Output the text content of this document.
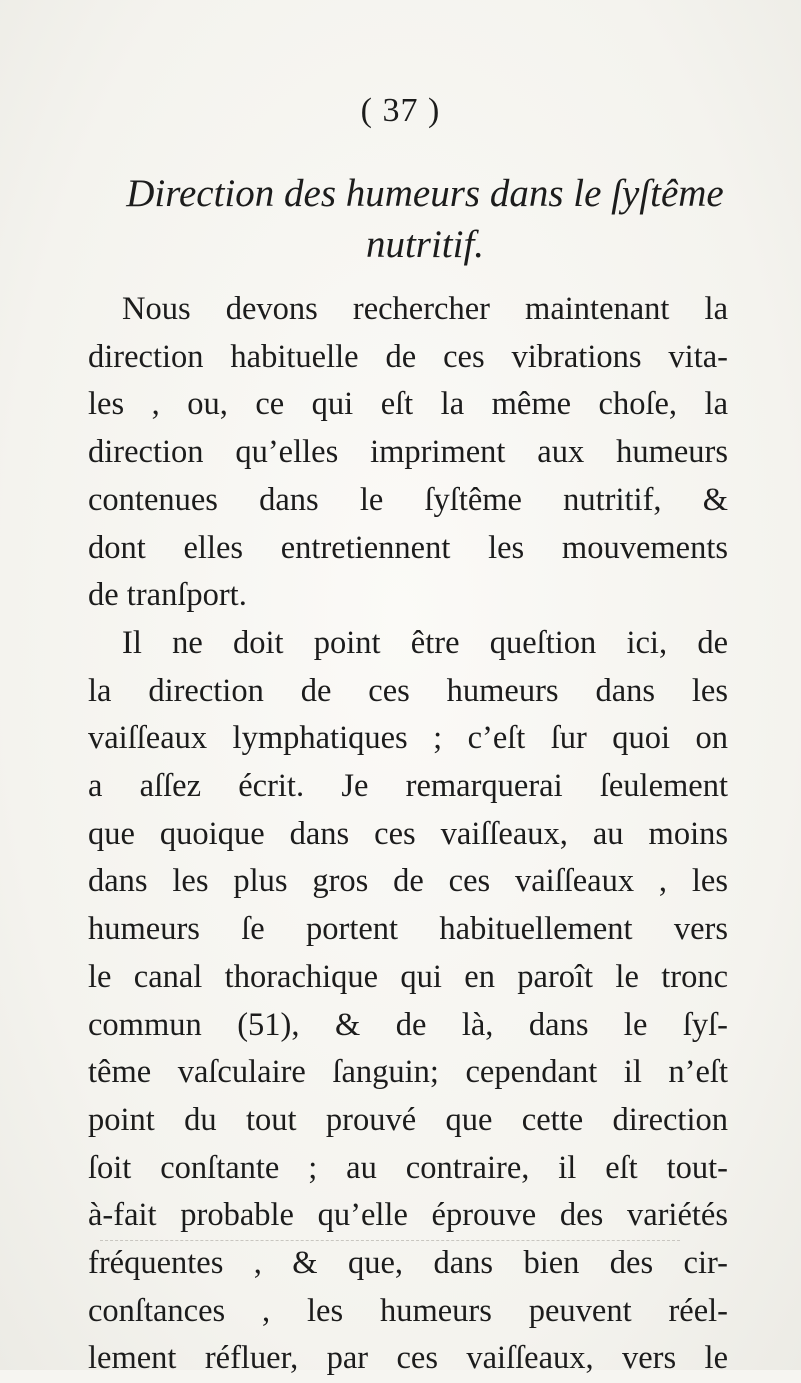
( 37 )
Direction des humeurs dans le ſyſtême
nutritif.
Nous devons rechercher maintenant la
direction habituelle de ces vibrations vita-
les , ou, ce qui eſt la même choſe, la
direction qu’elles impriment aux humeurs
contenues dans le ſyſtême nutritif, &
dont elles entretiennent les mouvements
de tranſport.
Il ne doit point être queſtion ici, de
la direction de ces humeurs dans les
vaiſſeaux lymphatiques ; c’eſt ſur quoi on
a aſſez écrit. Je remarquerai ſeulement
que quoique dans ces vaiſſeaux, au moins
dans les plus gros de ces vaiſſeaux , les
humeurs ſe portent habituellement vers
le canal thorachique qui en paroît le tronc
commun (51), & de là, dans le ſyſ-
tême vaſculaire ſanguin; cependant il n’eſt
point du tout prouvé que cette direction
ſoit conſtante ; au contraire, il eſt tout-
à-fait probable qu’elle éprouve des variétés
fréquentes , & que, dans bien des cir-
conſtances , les humeurs peuvent réel-
lement réfluer, par ces vaiſſeaux, vers le
